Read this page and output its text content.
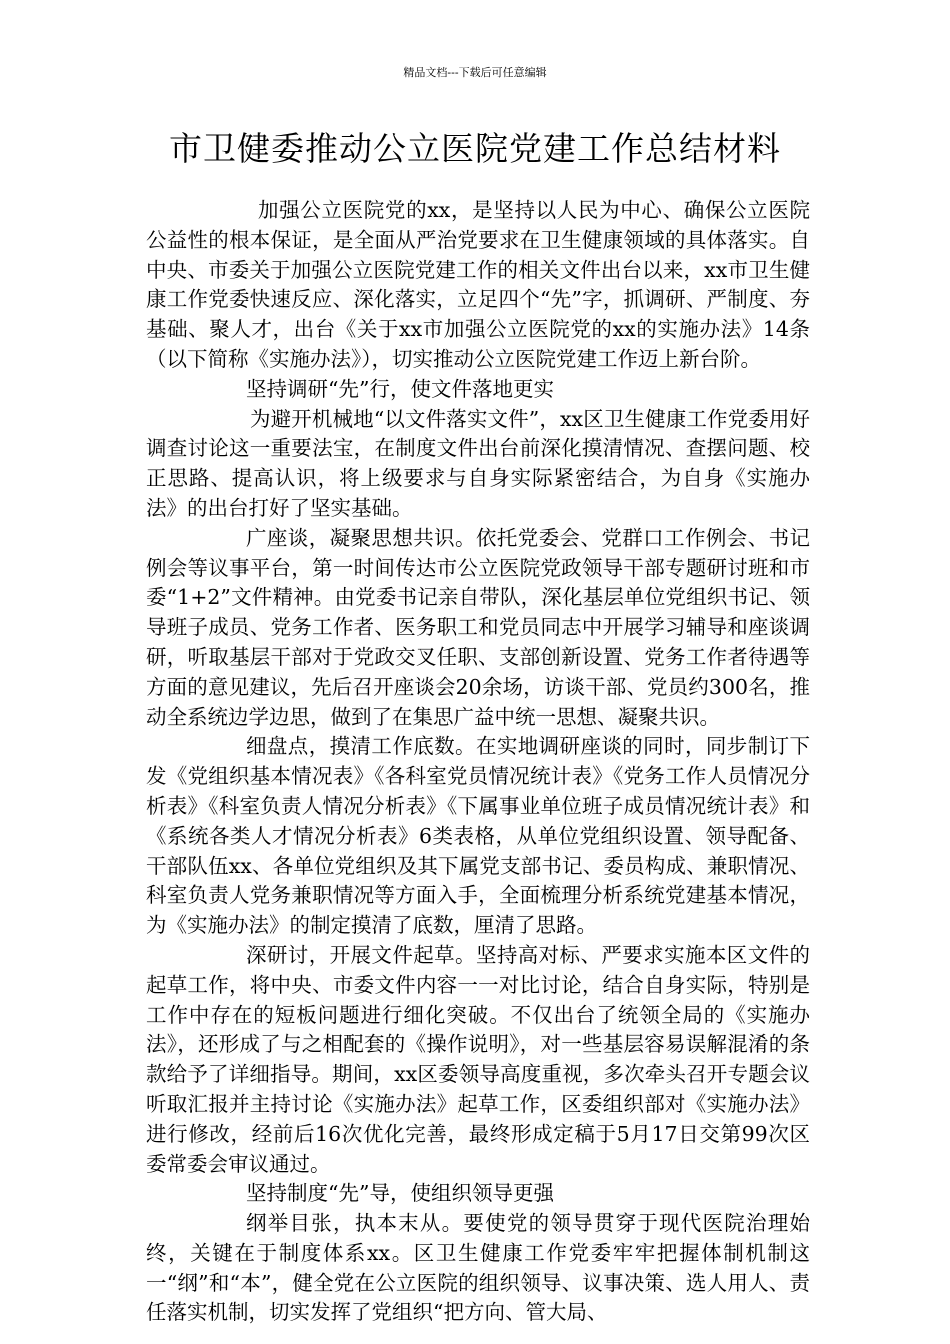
精品文档---下载后可任意编辑
市卫健委推动公立医院党建工作总结材料

加强公立医院党的xx，是坚持以人民为中心、确保公立医院公益性的根本保证，是全面从严治党要求在卫生健康领域的具体落实。自中央、市委关于加强公立医院党建工作的相关文件出台以来，xx市卫生健康工作党委快速反应、深化落实，立足四个“先”字，抓调研、严制度、夯基础、聚人才，出台《关于xx市加强公立医院党的xx的实施办法》14条（以下简称《实施办法》），切实推动公立医院党建工作迈上新台阶。

坚持调研“先”行，使文件落地更实

为避开机械地“以文件落实文件”，xx区卫生健康工作党委用好调查讨论这一重要法宝，在制度文件出台前深化摸清情况、查摆问题、校正思路、提高认识，将上级要求与自身实际紧密结合，为自身《实施办法》的出台打好了坚实基础。

广座谈，凝聚思想共识。依托党委会、党群口工作例会、书记例会等议事平台，第一时间传达市公立医院党政领导干部专题研讨班和市委“1+2”文件精神。由党委书记亲自带队，深化基层单位党组织书记、领导班子成员、党务工作者、医务职工和党员同志中开展学习辅导和座谈调研，听取基层干部对于党政交叉任职、支部创新设置、党务工作者待遇等方面的意见建议，先后召开座谈会20余场，访谈干部、党员约300名，推动全系统边学边思，做到了在集思广益中统一思想、凝聚共识。

细盘点，摸清工作底数。在实地调研座谈的同时，同步制订下发《党组织基本情况表》《各科室党员情况统计表》《党务工作人员情况分析表》《科室负责人情况分析表》《下属事业单位班子成员情况统计表》和《系统各类人才情况分析表》6类表格，从单位党组织设置、领导配备、干部队伍xx、各单位党组织及其下属党支部书记、委员构成、兼职情况、科室负责人党务兼职情况等方面入手，全面梳理分析系统党建基本情况，为《实施办法》的制定摸清了底数，厘清了思路。

深研讨，开展文件起草。坚持高对标、严要求实施本区文件的起草工作，将中央、市委文件内容一一对比讨论，结合自身实际，特别是工作中存在的短板问题进行细化突破。不仅出台了统领全局的《实施办法》，还形成了与之相配套的《操作说明》，对一些基层容易误解混淆的条款给予了详细指导。期间，xx区委领导高度重视，多次牵头召开专题会议听取汇报并主持讨论《实施办法》起草工作，区委组织部对《实施办法》进行修改，经前后16次优化完善，最终形成定稿于5月17日交第99次区委常委会审议通过。

坚持制度“先”导，使组织领导更强

纲举目张，执本末从。要使党的领导贯穿于现代医院治理始终，关键在于制度体系xx。区卫生健康工作党委牢牢把握体制机制这一“纲”和“本”，健全党在公立医院的组织领导、议事决策、选人用人、责任落实机制，切实发挥了党组织“把方向、管大局、
